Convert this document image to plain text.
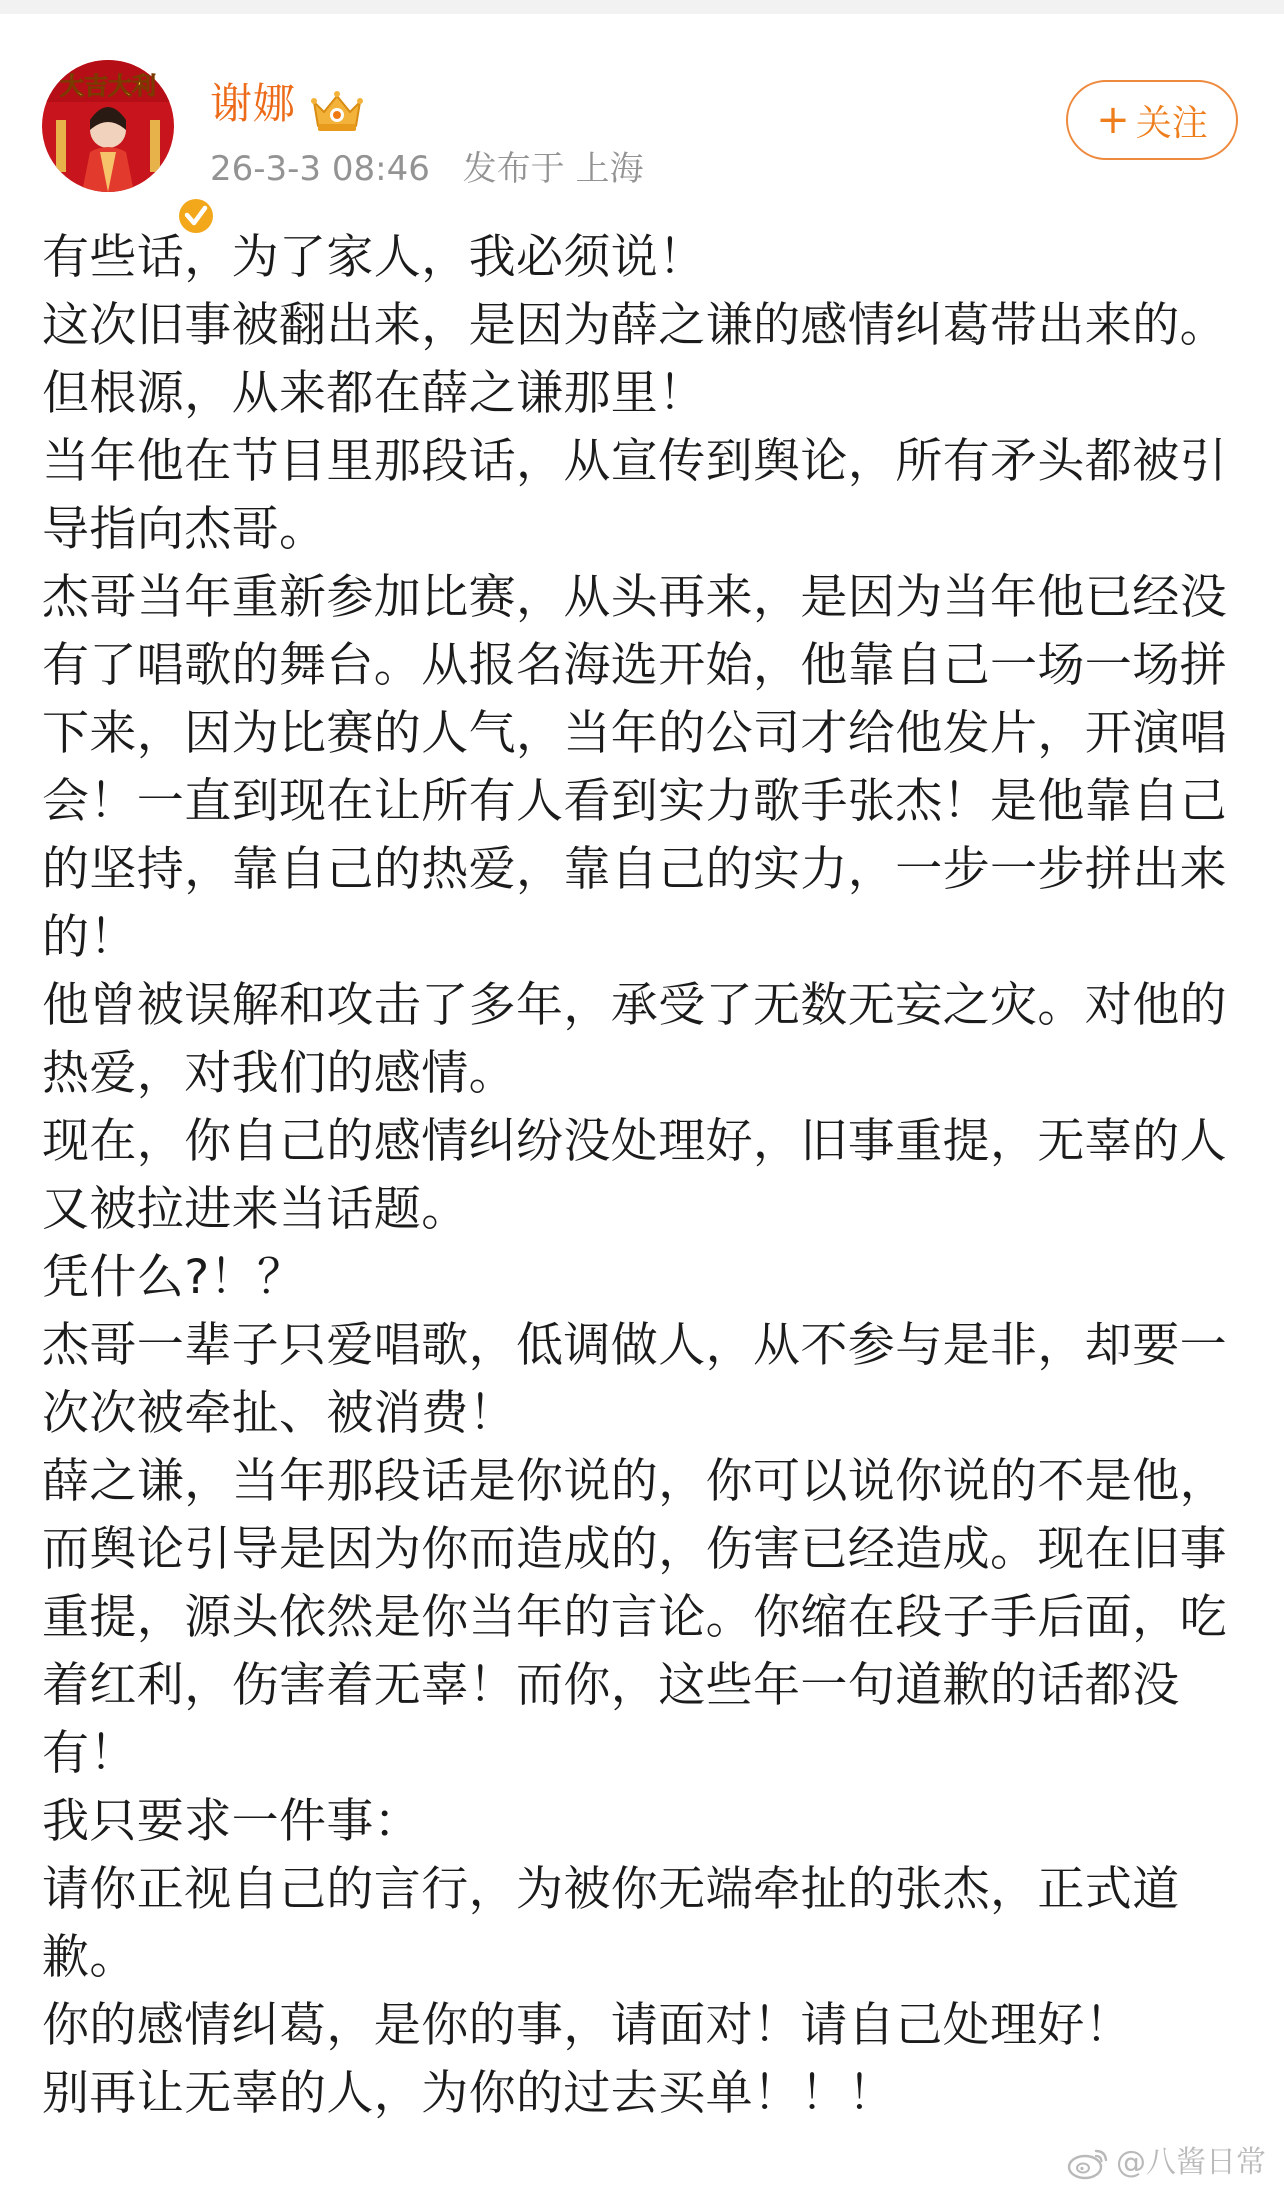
大吉大利 谢娜
26-3-3 08:46 发布于 上海
+ 关注

有些话，为了家人，我必须说！

这次旧事被翻出来，是因为薛之谦的感情纠葛带出来的。

但根源，从来都在薛之谦那里！

当年他在节目里那段话，从宣传到舆论，所有矛头都被引导指向杰哥。

杰哥当年重新参加比赛，从头再来，是因为当年他已经没有了唱歌的舞台。从报名海选开始，他靠自己一场一场拼下来，因为比赛的人气，当年的公司才给他发片，开演唱会！一直到现在让所有人看到实力歌手张杰！是他靠自己的坚持，靠自己的热爱，靠自己的实力，一步一步拼出来的！

他曾被误解和攻击了多年，承受了无数无妄之灾。对他的热爱，对我们的感情。

现在，你自己的感情纠纷没处理好，旧事重提，无辜的人又被拉进来当话题。

凭什么?！？

杰哥一辈子只爱唱歌，低调做人，从不参与是非，却要一次次被牵扯、被消费！

薛之谦，当年那段话是你说的，你可以说你说的不是他，而舆论引导是因为你而造成的，伤害已经造成。现在旧事重提，源头依然是你当年的言论。你缩在段子手后面，吃着红利，伤害着无辜！而你，这些年一句道歉的话都没有！

我只要求一件事：

请你正视自己的言行，为被你无端牵扯的张杰，正式道歉。

你的感情纠葛，是你的事，请面对！请自己处理好！

别再让无辜的人，为你的过去买单！！！

@八酱日常
